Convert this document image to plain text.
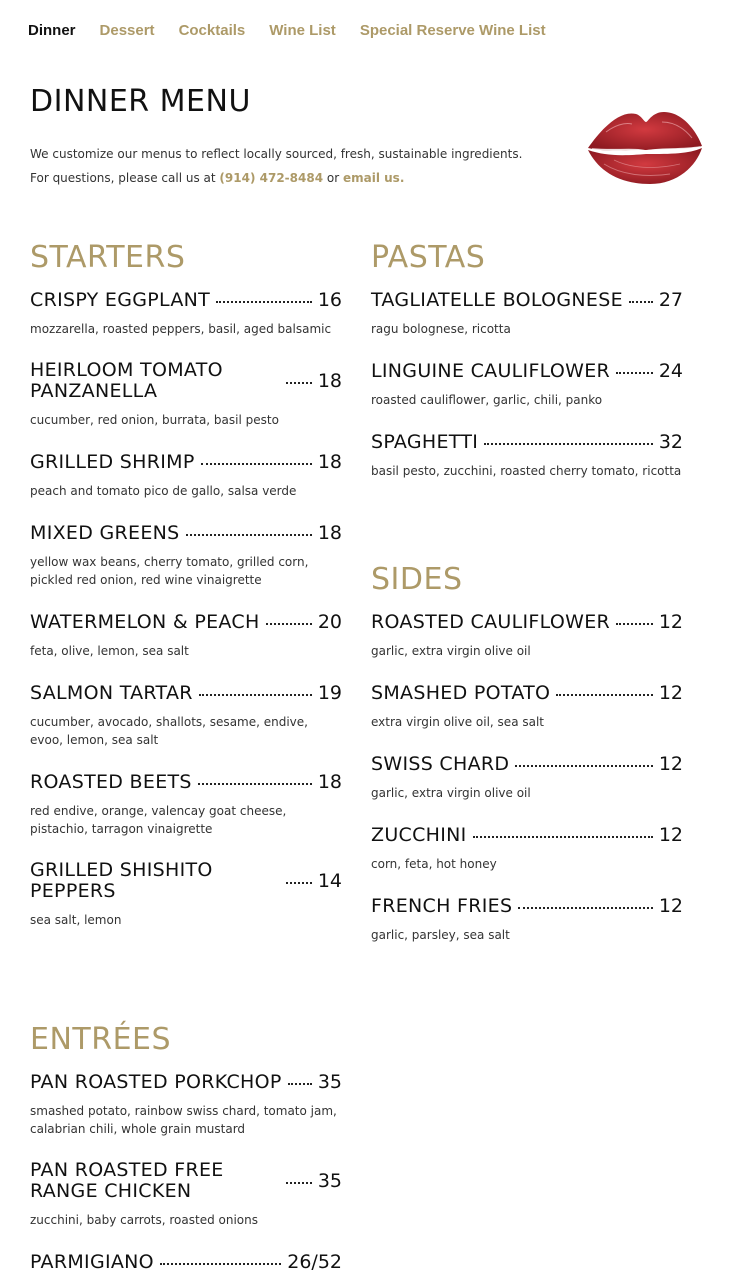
Dinner Dessert Cocktails Wine List Special Reserve Wine List
DINNER MENU
We customize our menus to reflect locally sourced, fresh, sustainable ingredients.
For questions, please call us at (914) 472-8484 or email us.
STARTERS
CRISPY EGGPLANT	16
mozzarella, roasted peppers, basil, aged balsamic
HEIRLOOM TOMATO PANZANELLA	18
cucumber, red onion, burrata, basil pesto
GRILLED SHRIMP	18
peach and tomato pico de gallo, salsa verde
MIXED GREENS	18
yellow wax beans, cherry tomato, grilled corn, pickled red onion, red wine vinaigrette
WATERMELON & PEACH	20
feta, olive, lemon, sea salt
SALMON TARTAR	19
cucumber, avocado, shallots, sesame, endive, evoo, lemon, sea salt
ROASTED BEETS	18
red endive, orange, valencay goat cheese, pistachio, tarragon vinaigrette
GRILLED SHISHITO PEPPERS	14
sea salt, lemon
PASTAS
TAGLIATELLE BOLOGNESE 27
ragu bolognese, ricotta
LINGUINE CAULIFLOWER	24
roasted cauliflower, garlic, chili, panko
SPAGHETTI	32
basil pesto, zucchini, roasted cherry tomato, ricotta
SIDES
ROASTED CAULIFLOWER	12
garlic, extra virgin olive oil
SMASHED POTATO	12
extra virgin olive oil, sea salt
SWISS CHARD	12
garlic, extra virgin olive oil
ZUCCHINI	12
corn, feta, hot honey
FRENCH FRIES	12
garlic, parsley, sea salt
ENTRÉES
PAN ROASTED PORKCHOP 35
smashed potato, rainbow swiss chard, tomato jam, calabrian chili, whole grain mustard
PAN ROASTED FREE RANGE CHICKEN	35
zucchini, baby carrots, roasted onions
PARMIGIANO	26/52
